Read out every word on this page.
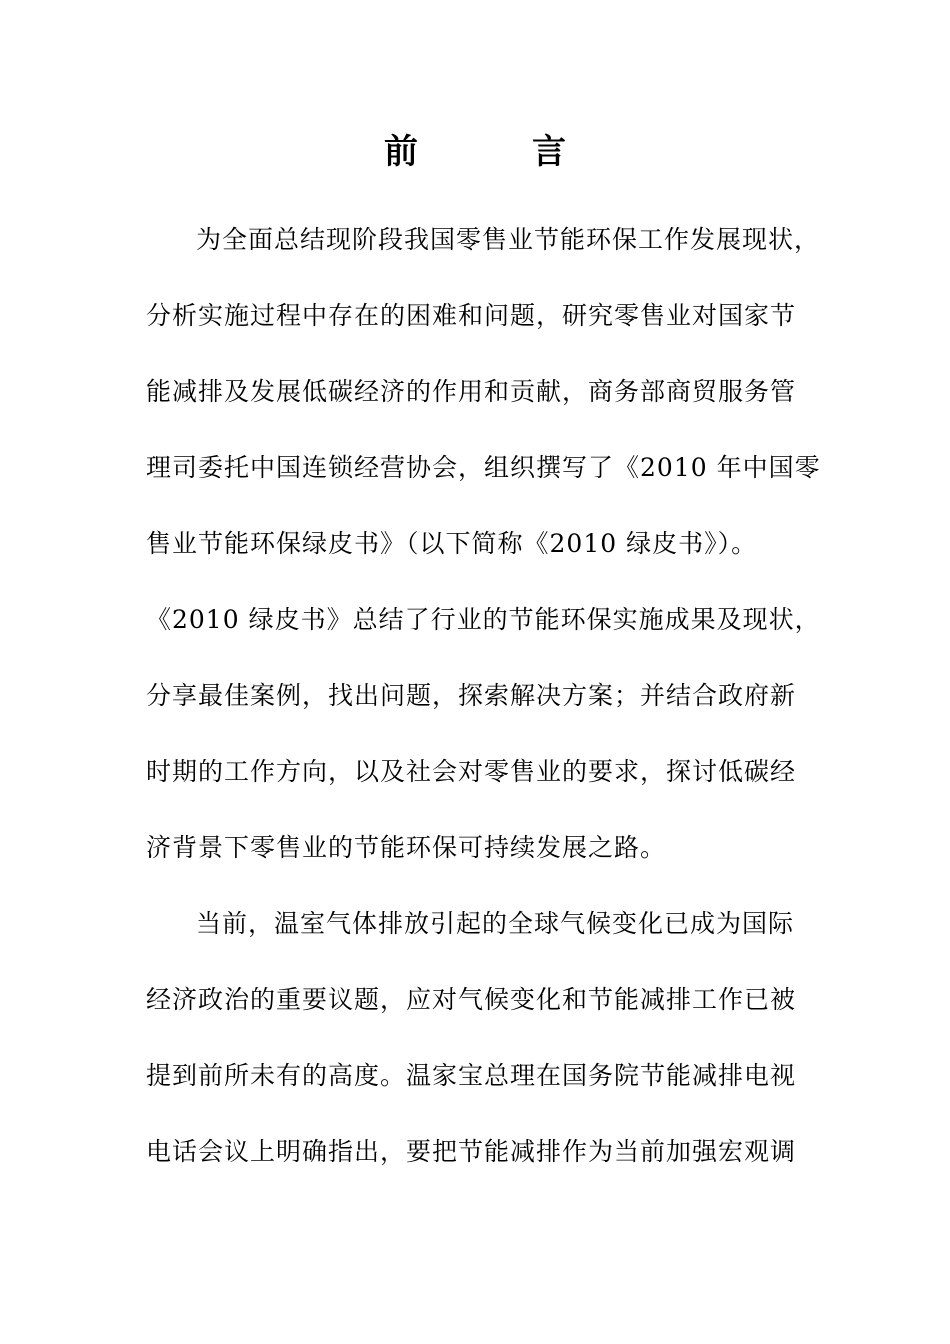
前	言
为全面总结现阶段我国零售业节能环保工作发展现状，
分析实施过程中存在的困难和问题，研究零售业对国家节
能减排及发展低碳经济的作用和贡献，商务部商贸服务管
理司委托中国连锁经营协会，组织撰写了《2010 年中国零
售业节能环保绿皮书》（以下简称《2010 绿皮书》）。
《2010 绿皮书》总结了行业的节能环保实施成果及现状，
分享最佳案例，找出问题，探索解决方案；并结合政府新
时期的工作方向，以及社会对零售业的要求，探讨低碳经
济背景下零售业的节能环保可持续发展之路。
当前，温室气体排放引起的全球气候变化已成为国际
经济政治的重要议题，应对气候变化和节能减排工作已被
提到前所未有的高度。温家宝总理在国务院节能减排电视
电话会议上明确指出，要把节能减排作为当前加强宏观调
